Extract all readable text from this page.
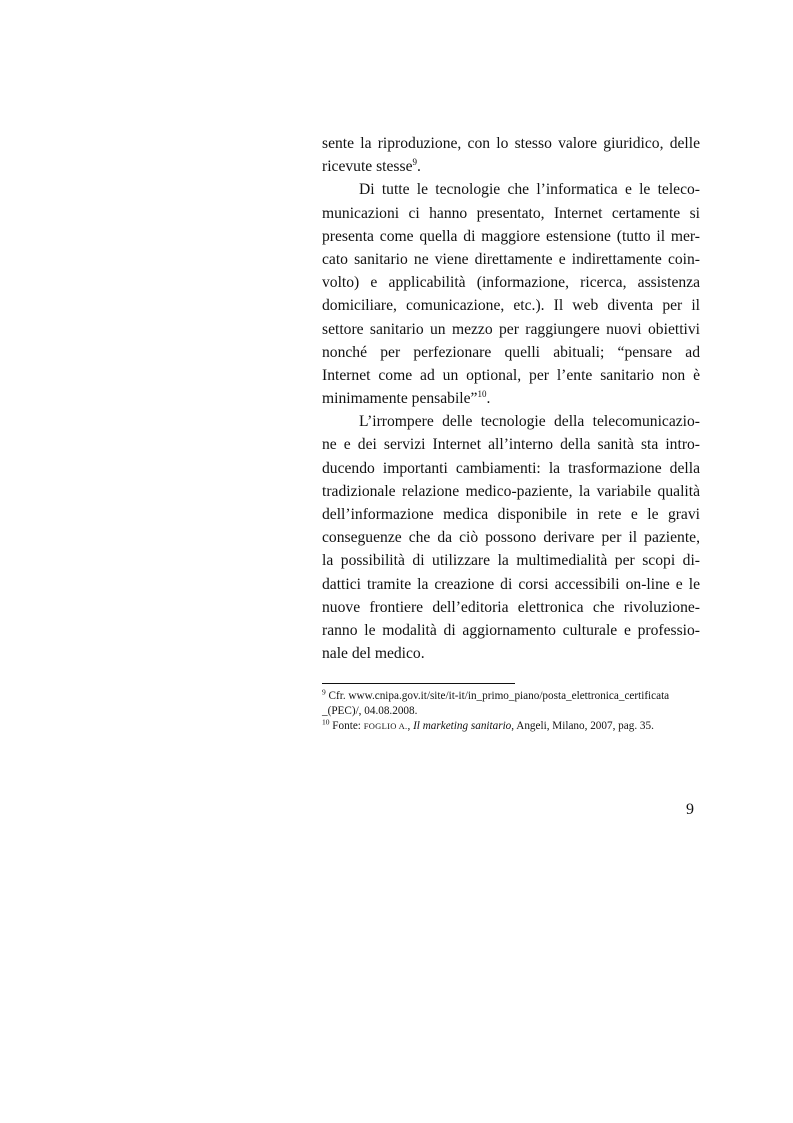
sente la riproduzione, con lo stesso valore giuridico, delle
ricevute stesse$^9$.
Di tutte le tecnologie che l’informatica e le teleco-
municazioni ci hanno presentato, Internet certamente si
presenta come quella di maggiore estensione (tutto il mer-
cato sanitario ne viene direttamente e indirettamente coin-
volto) e applicabilità (informazione, ricerca, assistenza
domiciliare, comunicazione, etc.). Il web diventa per il
settore sanitario un mezzo per raggiungere nuovi obiettivi
nonché per perfezionare quelli abituali; “pensare ad
Internet come ad un optional, per l’ente sanitario non è
minimamente pensabile”$^{10}$.
L’irrompere delle tecnologie della telecomunicazio-
ne e dei servizi Internet all’interno della sanità sta intro-
ducendo importanti cambiamenti: la trasformazione della
tradizionale relazione medico-paziente, la variabile qualità
dell’informazione medica disponibile in rete e le gravi
conseguenze che da ciò possono derivare per il paziente,
la possibilità di utilizzare la multimedialità per scopi di-
dattici tramite la creazione di corsi accessibili on-line e le
nuove frontiere dell’editoria elettronica che rivoluzione-
ranno le modalità di aggiornamento culturale e professio-
nale del medico.
$^9$ Cfr. www.cnipa.gov.it/site/it-it/in_primo_piano/posta_elettronica_certificata
_(PEC)/, 04.08.2008.
$^{10}$ Fonte: FOGLIO A., Il marketing sanitario, Angeli, Milano, 2007, pag. 35.
9
